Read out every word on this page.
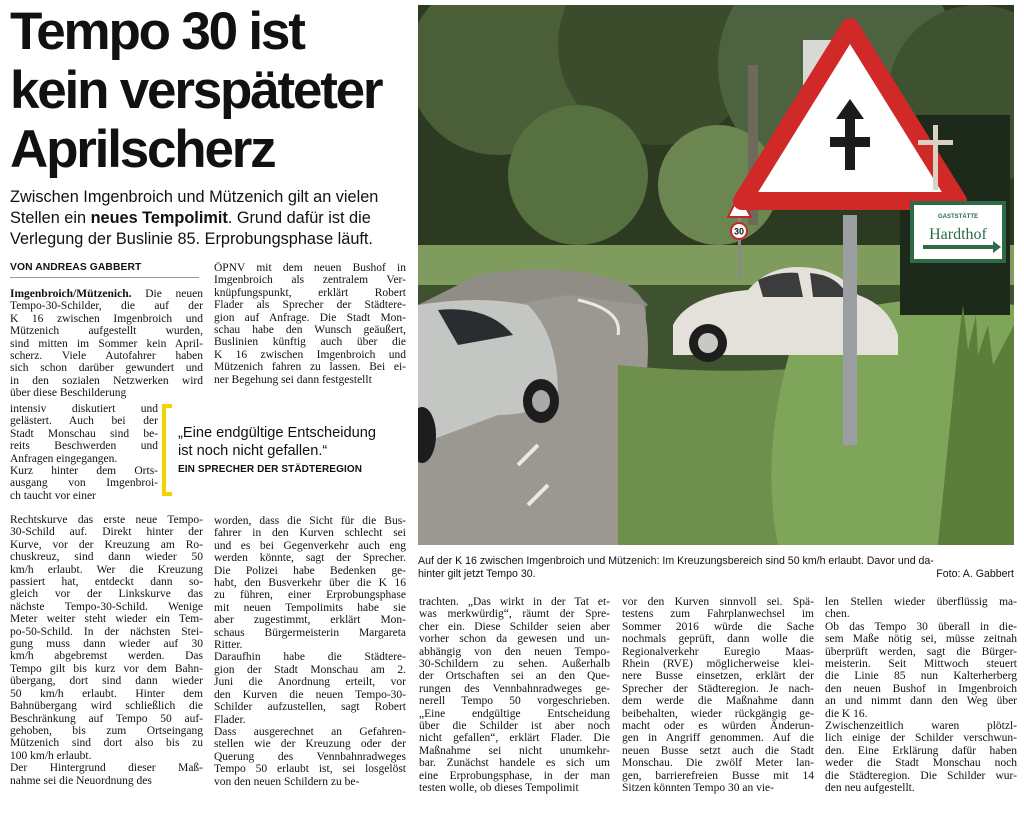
Tempo 30 ist
kein verspäteter
Aprilscherz
Zwischen Imgenbroich und Mützenich gilt an vielen
Stellen ein neues Tempolimit. Grund dafür ist die
Verlegung der Buslinie 85. Erprobungsphase läuft.
VON ANDREAS GABBERT
Imgenbroich/Mützenich. Die neuen
Tempo-30-Schilder, die auf der
K 16 zwischen Imgenbroich und
Mützenich aufgestellt wurden,
sind mitten im Sommer kein April-
scherz. Viele Autofahrer haben
sich schon darüber gewundert und
in den sozialen Netzwerken wird
über diese Beschilderung
intensiv diskutiert und
gelästert. Auch bei der
Stadt Monschau sind be-
reits Beschwerden und
Anfragen eingegangen.
Kurz hinter dem Orts-
ausgang von Imgenbroi-
ch taucht vor einer
Rechtskurve das erste neue Tempo-
30-Schild auf. Direkt hinter der
Kurve, vor der Kreuzung am Ro-
chuskreuz, sind dann wieder 50
km/h erlaubt. Wer die Kreuzung
passiert hat, entdeckt dann so-
gleich vor der Linkskurve das
nächste Tempo-30-Schild. Wenige
Meter weiter steht wieder ein Tem-
po-50-Schild. In der nächsten Stei-
gung muss dann wieder auf 30
km/h abgebremst werden. Das
Tempo gilt bis kurz vor dem Bahn-
übergang, dort sind dann wieder
50 km/h erlaubt. Hinter dem
Bahnübergang wird schließlich die
Beschränkung auf Tempo 50 auf-
gehoben, bis zum Ortseingang
Mützenich sind dort also bis zu
100 km/h erlaubt.
Der Hintergrund dieser Maß-
nahme sei die Neuordnung des
ÖPNV mit dem neuen Bushof in
Imgenbroich als zentralem Ver-
knüpfungspunkt, erklärt Robert
Flader als Sprecher der Städtere-
gion auf Anfrage. Die Stadt Mon-
schau habe den Wunsch geäußert,
Buslinien künftig auch über die
K 16 zwischen Imgenbroich und
Mützenich fahren zu lassen. Bei ei-
ner Begehung sei dann festgestellt
worden, dass die Sicht für die Bus-
fahrer in den Kurven schlecht sei
und es bei Gegenverkehr auch eng
werden könnte, sagt der Sprecher.
Die Polizei habe Bedenken ge-
habt, den Busverkehr über die K 16
zu führen, einer Erprobungsphase
mit neuen Tempolimits habe sie
aber zugestimmt, erklärt Mon-
schaus Bürgermeisterin Margareta
Ritter.
Daraufhin habe die Städtere-
gion der Stadt Monschau am 2.
Juni die Anordnung erteilt, vor
den Kurven die neuen Tempo-30-
Schilder aufzustellen, sagt Robert
Flader.
Dass ausgerechnet an Gefahren-
stellen wie der Kreuzung oder der
Querung des Vennbahnradweges
Tempo 50 erlaubt ist, sei losgelöst
von den neuen Schildern zu be-
trachten. „Das wirkt in der Tat et-
was merkwürdig“, räumt der Spre-
cher ein. Diese Schilder seien aber
vorher schon da gewesen und un-
abhängig von den neuen Tempo-
30-Schildern zu sehen. Außerhalb
der Ortschaften sei an den Que-
rungen des Vennbahnradweges ge-
nerell Tempo 50 vorgeschrieben.
„Eine endgültige Entscheidung
über die Schilder ist aber noch
nicht gefallen“, erklärt Flader. Die
Maßnahme sei nicht unumkehr-
bar. Zunächst handele es sich um
eine Erprobungsphase, in der man
testen wolle, ob dieses Tempolimit
vor den Kurven sinnvoll sei. Spä-
testens zum Fahrplanwechsel im
Sommer 2016 würde die Sache
nochmals geprüft, dann wolle die
Regionalverkehr Euregio Maas-
Rhein (RVE) möglicherweise klei-
nere Busse einsetzen, erklärt der
Sprecher der Städteregion. Je nach-
dem werde die Maßnahme dann
beibehalten, wieder rückgängig ge-
macht oder es würden Änderun-
gen in Angriff genommen. Auf die
neuen Busse setzt auch die Stadt
Monschau. Die zwölf Meter lan-
gen, barrierefreien Busse mit 14
Sitzen könnten Tempo 30 an vie-
len Stellen wieder überflüssig ma-
chen.
Ob das Tempo 30 überall in die-
sem Maße nötig sei, müsse zeitnah
überprüft werden, sagt die Bürger-
meisterin. Seit Mittwoch steuert
die Linie 85 nun Kalterherberg
den neuen Bushof in Imgenbroich
an und nimmt dann den Weg über
die K 16.
Zwischenzeitlich waren plötzl-
lich einige der Schilder verschwun-
den. Eine Erklärung dafür haben
weder die Stadt Monschau noch
die Städteregion. Die Schilder wur-
den neu aufgestellt.
„Eine endgültige Entscheidung
ist noch nicht gefallen.“
EIN SPRECHER DER STÄDTEREGION
30
GASTSTÄTTE
Hardthof
Auf der K 16 zwischen Imgenbroich und Mützenich: Im Kreuzungsbereich sind 50 km/h erlaubt. Davor und da-
hinter gilt jetzt Tempo 30.	Foto: A. Gabbert
